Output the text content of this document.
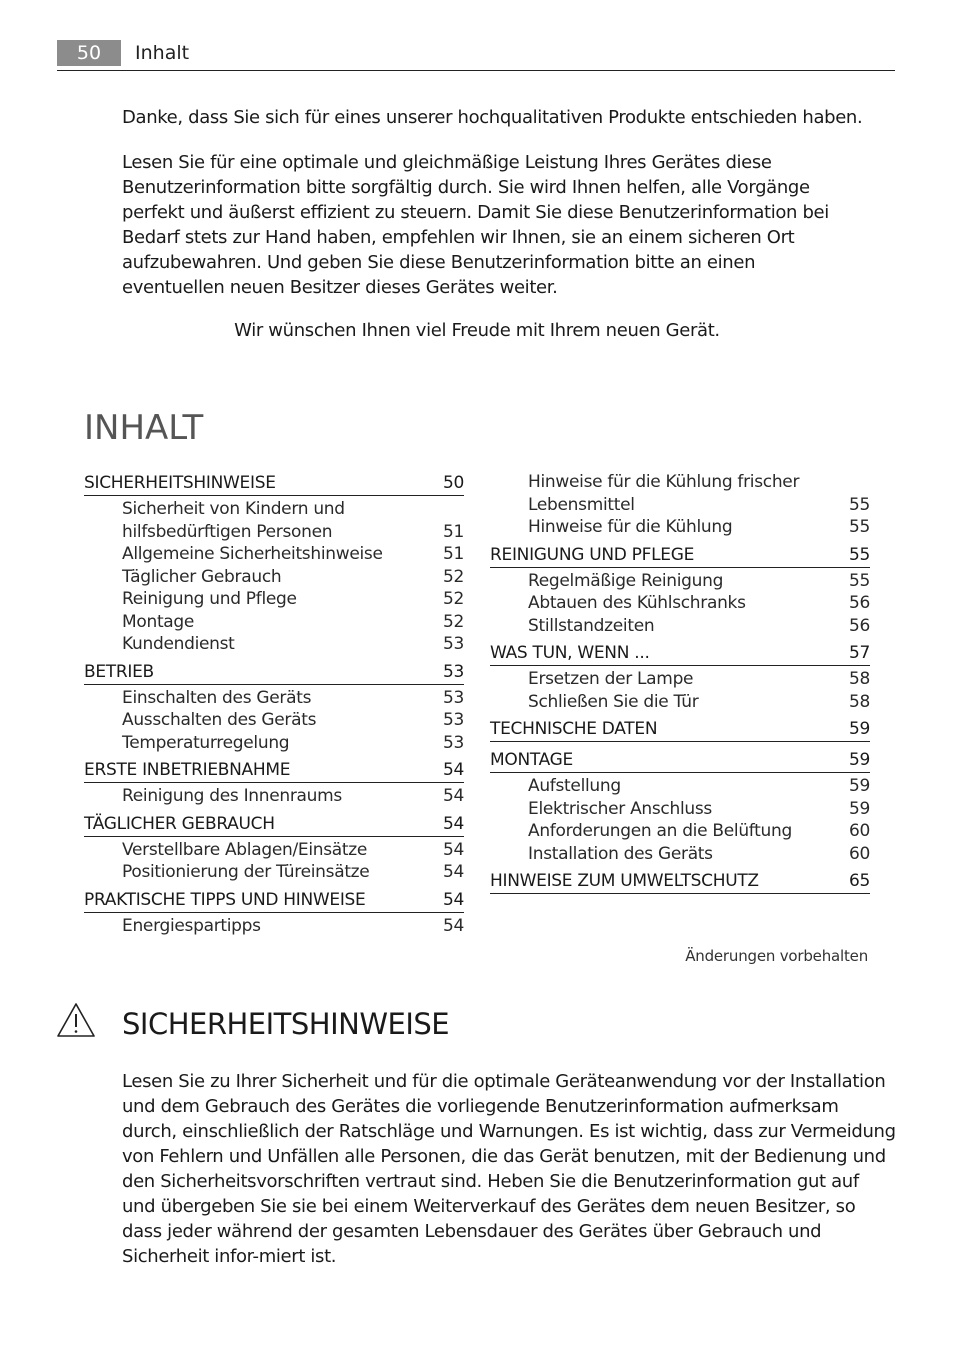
50	Inhalt

Danke, dass Sie sich für eines unserer hochqualitativen Produkte entschieden haben.

Lesen Sie für eine optimale und gleichmäßige Leistung Ihres Gerätes diese Benutzerinformation bitte sorgfältig durch. Sie wird Ihnen helfen, alle Vorgänge perfekt und äußerst effizient zu steuern. Damit Sie diese Benutzerinformation bei Bedarf stets zur Hand haben, empfehlen wir Ihnen, sie an einem sicheren Ort aufzubewahren. Und geben Sie diese Benutzerinformation bitte an einen eventuellen neuen Besitzer dieses Gerätes weiter.

Wir wünschen Ihnen viel Freude mit Ihrem neuen Gerät.

INHALT
SICHERHEITSHINWEISE	50
Sicherheit von Kindern und
hilfsbedürftigen Personen	51
Allgemeine Sicherheitshinweise	51
Täglicher Gebrauch	52
Reinigung und Pflege	52
Montage	52
Kundendienst	53
BETRIEB	53
Einschalten des Geräts	53
Ausschalten des Geräts	53
Temperaturregelung	53
ERSTE INBETRIEBNAHME	54
Reinigung des Innenraums	54
TÄGLICHER GEBRAUCH	54
Verstellbare Ablagen/Einsätze	54
Positionierung der Türeinsätze	54
PRAKTISCHE TIPPS UND HINWEISE	54
Energiespartipps	54
Hinweise für die Kühlung frischer
Lebensmittel	55
Hinweise für die Kühlung	55
REINIGUNG UND PFLEGE	55
Regelmäßige Reinigung	55
Abtauen des Kühlschranks	56
Stillstandzeiten	56
WAS TUN, WENN ...	57
Ersetzen der Lampe	58
Schließen Sie die Tür	58
TECHNISCHE DATEN	59
MONTAGE	59
Aufstellung	59
Elektrischer Anschluss	59
Anforderungen an die Belüftung	60
Installation des Geräts	60
HINWEISE ZUM UMWELTSCHUTZ	65
Änderungen vorbehalten
SICHERHEITSHINWEISE

Lesen Sie zu Ihrer Sicherheit und für die optimale Geräteanwendung vor der Installation und dem Gebrauch des Gerätes die vorliegende Benutzerinformation aufmerksam durch, einschließlich der Ratschläge und Warnungen. Es ist wichtig, dass zur Vermeidung von Fehlern und Unfällen alle Personen, die das Gerät benutzen, mit der Bedienung und den Sicherheitsvorschriften vertraut sind. Heben Sie die Benutzerinformation gut auf und übergeben Sie sie bei einem Weiterverkauf des Gerätes dem neuen Besitzer, so dass jeder während der gesamten Lebensdauer des Gerätes über Gebrauch und Sicherheit infor-miert ist.
